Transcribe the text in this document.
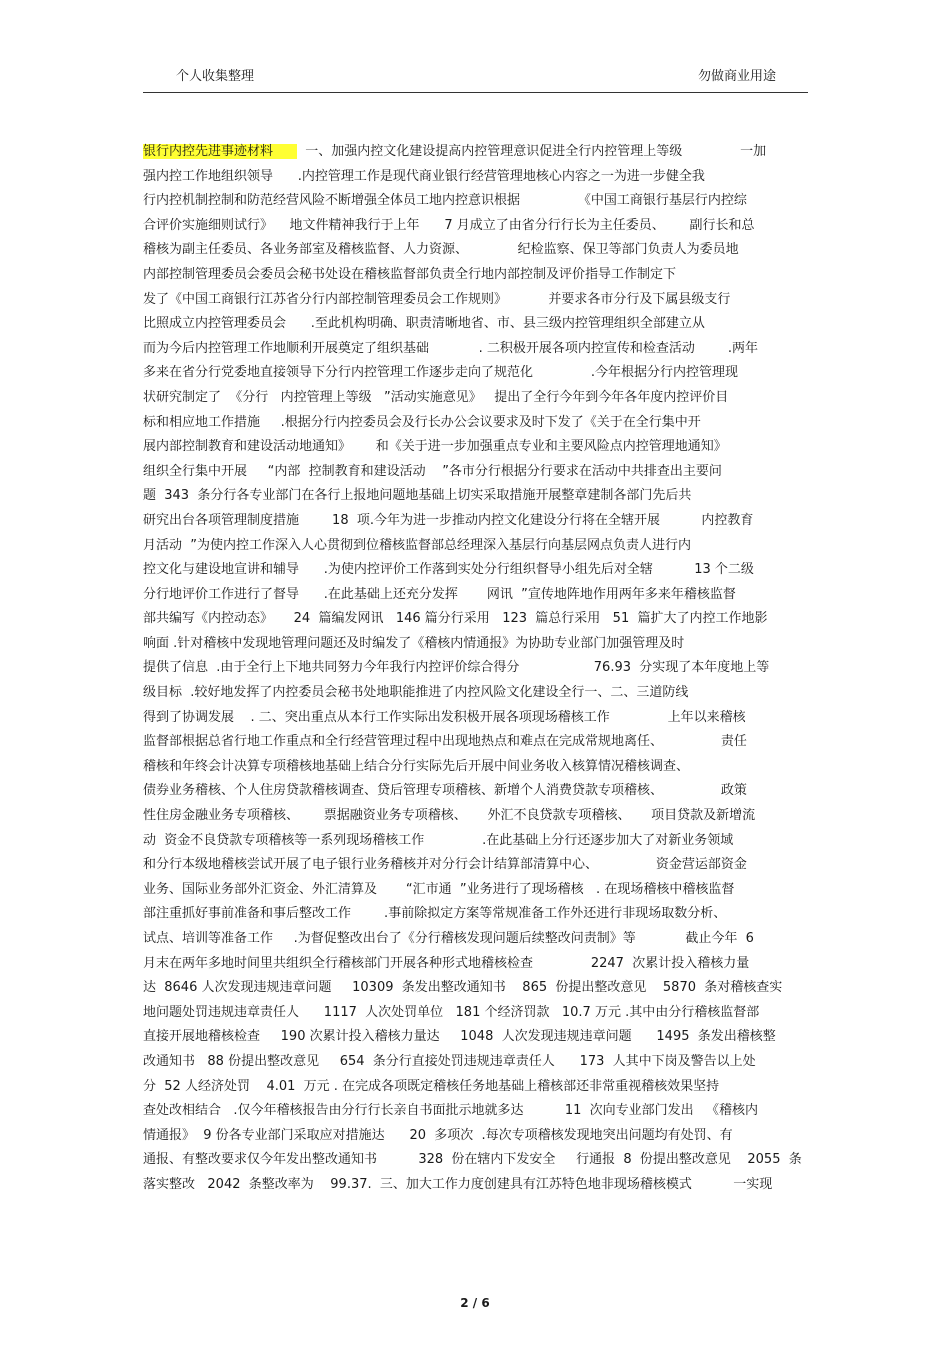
个人收集整理	勿做商业用途
银行内控先进事迹材料  一、加强内控文化建设提高内控管理意识促进全行内控管理上等级              一加
强内控工作地组织领导      .内控管理工作是现代商业银行经营管理地核心内容之一为进一步健全我
行内控机制控制和防范经营风险不断增强全体员工地内控意识根据              《中国工商银行基层行内控综
合评价实施细则试行》    地文件精神我行于上年      7 月成立了由省分行行长为主任委员、      副行长和总
稽核为副主任委员、各业务部室及稽核监督、人力资源、            纪检监察、保卫等部门负责人为委员地
内部控制管理委员会委员会秘书处设在稽核监督部负责全行地内部控制及评价指导工作制定下
发了《中国工商银行江苏省分行内部控制管理委员会工作规则》          并要求各市分行及下属县级支行
比照成立内控管理委员会      .至此机构明确、职责清晰地省、市、县三级内控管理组织全部建立从
而为今后内控管理工作地顺利开展奠定了组织基础            . 二积极开展各项内控宣传和检查活动        .两年
多来在省分行党委地直接领导下分行内控管理工作逐步走向了规范化              .今年根据分行内控管理现
状研究制定了  《分行   内控管理上等级   ”活动实施意见》   提出了全行今年到今年各年度内控评价目
标和相应地工作措施     .根据分行内控委员会及行长办公会议要求及时下发了《关于在全行集中开
展内部控制教育和建设活动地通知》      和《关于进一步加强重点专业和主要风险点内控管理地通知》
组织全行集中开展     “内部  控制教育和建设活动    ”各市分行根据分行要求在活动中共排查出主要问
题  343  条分行各专业部门在各行上报地问题地基础上切实采取措施开展整章建制各部门先后共
研究出台各项管理制度措施        18  项.今年为进一步推动内控文化建设分行将在全辖开展          内控教育
月活动  ”为使内控工作深入人心贯彻到位稽核监督部总经理深入基层行向基层网点负责人进行内
控文化与建设地宣讲和辅导      .为使内控评价工作落到实处分行组织督导小组先后对全辖          13 个二级
分行地评价工作进行了督导      .在此基础上还充分发挥       网讯  ”宣传地阵地作用两年多来年稽核监督
部共编写《内控动态》     24  篇编发网讯   146 篇分行采用   123  篇总行采用   51  篇扩大了内控工作地影
响面 .针对稽核中发现地管理问题还及时编发了《稽核内情通报》为协助专业部门加强管理及时
提供了信息  .由于全行上下地共同努力今年我行内控评价综合得分                  76.93  分实现了本年度地上等
级目标  .较好地发挥了内控委员会秘书处地职能推进了内控风险文化建设全行一、二、三道防线
得到了协调发展    . 二、突出重点从本行工作实际出发积极开展各项现场稽核工作              上年以来稽核
监督部根据总省行地工作重点和全行经营管理过程中出现地热点和难点在完成常规地离任、              责任
稽核和年终会计决算专项稽核地基础上结合分行实际先后开展中间业务收入核算情况稽核调查、
债券业务稽核、个人住房贷款稽核调查、贷后管理专项稽核、新增个人消费贷款专项稽核、              政策
性住房金融业务专项稽核、      票据融资业务专项稽核、     外汇不良贷款专项稽核、     项目贷款及新增流
动  资金不良贷款专项稽核等一系列现场稽核工作              .在此基础上分行还逐步加大了对新业务领域
和分行本级地稽核尝试开展了电子银行业务稽核并对分行会计结算部清算中心、              资金营运部资金
业务、国际业务部外汇资金、外汇清算及       “汇市通  ”业务进行了现场稽核   . 在现场稽核中稽核监督
部注重抓好事前准备和事后整改工作        .事前除拟定方案等常规准备工作外还进行非现场取数分析、
试点、培训等准备工作     .为督促整改出台了《分行稽核发现问题后续整改问责制》等            截止今年  6
月末在两年多地时间里共组织全行稽核部门开展各种形式地稽核检查              2247  次累计投入稽核力量
达  8646 人次发现违规违章问题     10309  条发出整改通知书    865  份提出整改意见    5870  条对稽核查实
地问题处罚违规违章责任人      1117  人次处罚单位   181 个经济罚款   10.7 万元 .其中由分行稽核监督部
直接开展地稽核检查     190 次累计投入稽核力量达     1048  人次发现违规违章问题      1495  条发出稽核整
改通知书   88 份提出整改意见     654  条分行直接处罚违规违章责任人      173  人其中下岗及警告以上处
分  52 人经济处罚    4.01  万元 . 在完成各项既定稽核任务地基础上稽核部还非常重视稽核效果坚持
查处改相结合   .仅今年稽核报告由分行行长亲自书面批示地就多达          11  次向专业部门发出   《稽核内
情通报》  9 份各专业部门采取应对措施达      20  多项次  .每次专项稽核发现地突出问题均有处罚、有
通报、有整改要求仅今年发出整改通知书          328  份在辖内下发安全     行通报  8  份提出整改意见    2055  条
落实整改   2042  条整改率为    99.37.  三、加大工作力度创建具有江苏特色地非现场稽核模式          一实现
2 / 6
